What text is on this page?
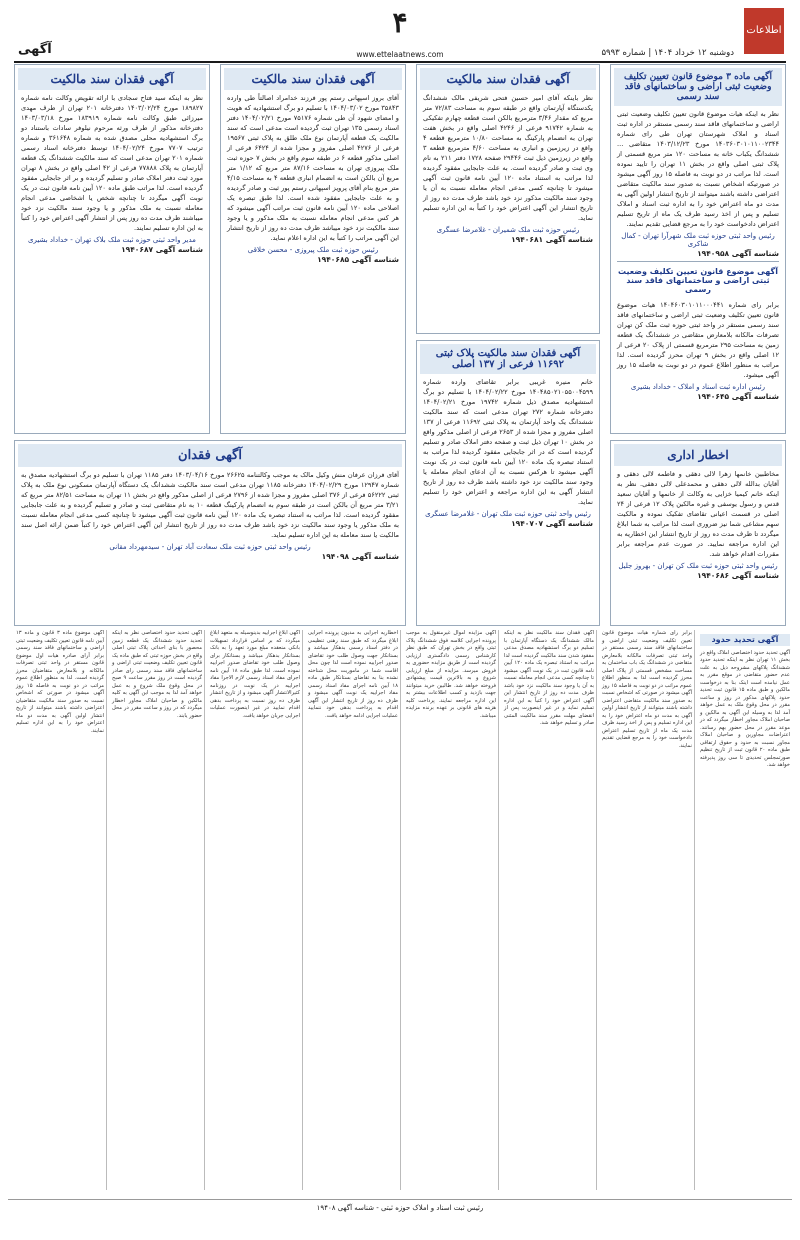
اطلاعات
دوشنبه ۱۲ خرداد ۱۴۰۴ | شماره ۵۹۹۳
۴
www.ettelaatnews.com
آگهی
آگهی ماده ۳ موضوع قانون تعیین تکلیف وضعیت ثبتی اراضی و ساختمانهای فاقد سند رسمی
نظر به اینکه هیات موضوع قانون تعیین تکلیف وضعیت ثبتی اراضی و ساختمانهای فاقد سند رسمی مستقر در اداره ثبت اسناد و املاک شهرستان تهران طی رای شماره ۱۴۰۳۶۰۳۰۱۰۱۱۰۰۲۳۴۴ مورخ ۱۴۰۳/۱۲/۲۳ متقاضی ... ششدانگ یکباب خانه به مساحت ۱۲۰ متر مربع قسمتی از پلاک ثبتی اصلی واقع در بخش ۱۱ تهران را تایید نموده است. لذا مراتب در دو نوبت به فاصله ۱۵ روز آگهی میشود در صورتیکه اشخاص نسبت به صدور سند مالکیت متقاضی اعتراضی داشته باشند میتوانند از تاریخ انتشار اولین آگهی به مدت دو ماه اعتراض خود را به اداره ثبت اسناد و املاک تسلیم و پس از اخذ رسید ظرف یک ماه از تاریخ تسلیم اعتراض دادخواست خود را به مرجع قضایی تقدیم نمایند.
رئیس واحد ثبتی حوزه ثبت ملک شهرآرا تهران - کمال شاکری
شناسه آگهی ۱۹۴۰۹۵۸
آگهی موضوع قانون تعیین تکلیف وضعیت ثبتی اراضی و ساختمانهای فاقد سند رسمی
برابر رای شماره ۱۴۰۴۶۰۳۰۱۰۱۱۰۰۰۴۴۱ هیات موضوع قانون تعیین تکلیف وضعیت ثبتی اراضی و ساختمانهای فاقد سند رسمی مستقر در واحد ثبتی حوزه ثبت ملک کن تهران تصرفات مالکانه بلامعارض متقاضی در ششدانگ یک قطعه زمین به مساحت ۲۹۵ مترمربع قسمتی از پلاک ۲۰ فرعی از ۱۲ اصلی واقع در بخش ۹ تهران محرز گردیده است. لذا مراتب به منظور اطلاع عموم در دو نوبت به فاصله ۱۵ روز آگهی میشود.
رئیس اداره ثبت اسناد و املاک - خداداد بشیری
شناسه آگهی ۱۹۴۰۶۴۵
آگهی فقدان سند مالکیت
نظر باینکه آقای امیر حسین فتحی شریفی مالک ششدانگ یکدستگاه آپارتمان واقع در طبقه سوم به مساحت ۷۲/۸۳ متر مربع که مقدار ۳/۴۶ مترمربع بالکن است قطعه چهارم تفکیکی به شماره ۹۱۷۴۲ فرعی از ۴۲۴۶ اصلی واقع در بخش هفت تهران به انضمام پارکینگ به مساحت ۱۰/۸۰ مترمربع قطعه ۴ واقع در زیرزمین و انباری به مساحت ۴/۶۰ مترمربع قطعه ۳ واقع در زیرزمین ذیل ثبت ۲۹۴۴۶ صفحه ۱۷۲۸ دفتر ۲۱۱ به نام وی ثبت و صادر گردیده است. به علت جابجایی مفقود گردیده لذا مراتب به استناد ماده ۱۲۰ آیین نامه قانون ثبت آگهی میشود تا چنانچه کسی مدعی انجام معامله نسبت به آن یا وجود سند مالکیت مذکور نزد خود باشد ظرف مدت ده روز از تاریخ انتشار این آگهی اعتراض خود را کتباً به این اداره تسلیم نماید.
رئیس حوزه ثبت ملک شمیران - غلامرضا عسگری
شناسه آگهی ۱۹۴۰۶۸۱
آگهی فقدان سند مالکیت
آقای بروز اسپهانی رستم پور فرزند خدامراد اصالتاً طی وارده ۳۵۸۴۳ مورخ ۱۴۰۴/۰۳/۰۲ با تسلیم دو برگ استشهادیه که هویت و امضای شهود آن طی شماره ۷۵۱۷۶ مورخ ۱۴۰۴/۰۲/۲۱ دفتر اسناد رسمی ۱۳۵ تهران ثبت گردیده است مدعی است که سند مالکیت یک قطعه آپارتمان نوع ملک طلق به پلاک ثبتی ۱۹۵۶۷ فرعی از ۴۲۷۶ اصلی مفروز و مجزا شده از ۶۴۲۴ فرعی از اصلی مذکور قطعه ۶ در طبقه سوم واقع در بخش ۷ حوزه ثبت ملک پیروزی تهران به مساحت ۸۷/۱۶ متر مربع که ۱/۱۲ متر مربع آن بالکن است به انضمام انباری قطعه ۴ به مساحت ۴/۱۵ متر مربع بنام آقای پرویز اسپهانی رستم پور ثبت و صادر گردیده و به علت جابجایی مفقود شده است. لذا طبق تبصره یک اصلاحی ماده ۱۲۰ آیین نامه قانون ثبت مراتب آگهی میشود که هر کس مدعی انجام معامله نسبت به ملک مذکور و یا وجود سند مالکیت نزد خود میباشد ظرف مدت ده روز از تاریخ انتشار این آگهی مراتب را کتباً به این اداره اعلام نماید.
رئیس حوزه ثبت ملک پیروزی - محسن خلاقی
شناسه آگهی ۱۹۴۰۶۸۵
آگهی فقدان سند مالکیت
نظر به اینکه سید فتاح سجادی با ارائه تقویض وکالت نامه شماره ۱۸۹۸۲۷ مورخ ۱۴۰۳/۰۲/۲۴ دفترخانه ۲۰۱ تهران از طرف مهدی میرزائی طبق وکالت نامه شماره ۱۸۳۹۱۹ مورخ ۱۴۰۳/۰۳/۱۸ دفترخانه مذکور از طرف ورثه مرحوم نیلوفر سادات باستناد دو برگ استشهادیه محلی مصدق شده به شماره ۳۶۱۶۴۸ و شماره ترتیب ۷۷۰۷ مورخ ۱۴۰۴/۰۲/۲۴ توسط دفترخانه اسناد رسمی شماره ۲۰۱ تهران مدعی است که سند مالکیت ششدانگ یک قطعه آپارتمان به پلاک ۷۷۸۸۸ فرعی از ۴۲ اصلی واقع در بخش ۸ تهران مورد ثبت دفتر املاک صادر و تسلیم گردیده و بر اثر جابجایی مفقود گردیده است. لذا مراتب طبق ماده ۱۲۰ آیین نامه قانون ثبت در یک نوبت آگهی میگردد تا چنانچه شخص یا اشخاصی مدعی انجام معامله نسبت به ملک مذکور و یا وجود سند مالکیت نزد خود میباشند ظرف مدت ده روز پس از انتشار آگهی اعتراض خود را کتباً به این اداره تسلیم نمایند.
مدیر واحد ثبتی حوزه ثبت ملک بلاک تهران - خداداد بشیری
شناسه آگهی ۱۹۴۰۶۸۷
اخطار اداری
مخاطبین خانمها زهرا لالی دهقی و فاطمه لالی دهقی و آقایان بدالله لالی دهقی و محمدعلی لالی دهقی. نظر به اینکه خانم کیمیا خزایی به وکالت از خانمها و آقایان سعید قدس و رسول یوسفی و غیره مالکین پلاک ۱۲ فرعی از ۲۴ اصلی در قسمت اعیانی تقاضای تفکیک نموده و مالکیت سهم مشاعی شما نیز ضروری است لذا مراتب به شما ابلاغ میگردد تا ظرف مدت ده روز از تاریخ انتشار این اخطاریه به این اداره مراجعه نمایید. در صورت عدم مراجعه برابر مقررات اقدام خواهد شد.
رئیس واحد ثبتی حوزه ثبت ملک کن تهران - بهروز جلیل
شناسه آگهی ۱۹۴۰۶۸۶
آگهی فقدان سند مالکیت پلاک ثبتی ۱۱۶۹۲ فرعی از ۱۳۷ اصلی
خانم منیره غریبی برابر تقاضای وارده شماره ۱۴۰۴۸۵۰۲۱۰۵۵۰۰۴۵۹۹ مورخ ۱۴۰۴/۰۲/۲۲ با تسلیم دو برگ استشهادیه مصدق ذیل شماره ۱۹۷۴۲ مورخ ۱۴۰۴/۰۲/۲۱ دفترخانه شماره ۲۷۲ تهران مدعی است که سند مالکیت ششدانگ یک واحد آپارتمان به پلاک ثبتی ۱۱۶۹۲ فرعی از ۱۳۷ اصلی مفروز و مجزا شده از ۲۶۵۳ فرعی از اصلی مذکور واقع در بخش ۱۰ تهران ذیل ثبت و صفحه دفتر املاک صادر و تسلیم گردیده است که در اثر جابجایی مفقود گردیده لذا مراتب به استناد تبصره یک ماده ۱۲۰ آیین نامه قانون ثبت در یک نوبت آگهی میشود تا هرکس نسبت به آن ادعای انجام معامله یا وجود سند مالکیت نزد خود داشته باشد ظرف ده روز از تاریخ انتشار آگهی به این اداره مراجعه و اعتراض خود را تسلیم نماید.
رئیس واحد ثبتی حوزه ثبت ملک تهران - غلامرضا عسگری
شناسه آگهی ۱۹۴۰۷۰۷
آگهی فقدان
آقای فرزان عرفان منش وکیل مالک به موجب وکالتنامه ۲۶۶۲۵ مورخ ۱۴۰۳/۰۴/۱۶ دفتر ۱۱۸۵ تهران با تسلیم دو برگ استشهادیه مصدق به شماره ۱۲۹۴۷ مورخ ۱۴۰۴/۰۲/۲۹ دفترخانه ۱۱۸۵ تهران مدعی است سند مالکیت ششدانگ یک دستگاه آپارتمان مسکونی نوع ملک به پلاک ثبتی ۵۶۲۲۲ فرعی از ۳۷۶ اصلی مفروز و مجزا شده از ۲۷۹۶ فرعی از اصلی مذکور واقع در بخش ۱۱ تهران به مساحت ۸۲/۵۱ متر مربع که ۳/۲۱ متر مربع آن بالکن است در طبقه سوم به انضمام پارکینگ قطعه ۱۰ به نام متقاضی ثبت و صادر و تسلیم گردیده و به علت جابجایی مفقود گردیده است. لذا مراتب به استناد تبصره یک ماده ۱۲۰ آیین نامه قانون ثبت آگهی میشود تا چنانچه کسی مدعی انجام معامله نسبت به ملک مذکور یا وجود سند مالکیت نزد خود باشد ظرف مدت ده روز از تاریخ انتشار این آگهی اعتراض خود را کتباً ضمن ارائه اصل سند مالکیت یا سند معامله به این اداره تسلیم نماید.
رئیس واحد ثبتی حوزه ثبت ملک سعادت آباد تهران - سیدمهرداد مقانی
شناسه آگهی ۱۹۴۰۹۸
آگهی تحدید حدود
آگهی تحدید حدود اختصاصی املاک واقع در بخش ۱۱ تهران نظر به اینکه تحدید حدود ششدانگ پلاکهای مشروحه ذیل به علت عدم حضور متقاضی در موقع مقرر به عمل نیامده است اینک بنا به درخواست مالکین و طبق ماده ۱۵ قانون ثبت تحدید حدود پلاکهای مذکور در روز و ساعت مقرر در محل وقوع ملک به عمل خواهد آمد لذا به وسیله این آگهی به مالکین و صاحبان املاک مجاور اخطار میگردد که در موعد مقرر در محل حضور بهم رسانند. اعتراضات مجاورین و صاحبان املاک مجاور نسبت به حدود و حقوق ارتفاقی طبق ماده ۲۰ قانون ثبت از تاریخ تنظیم صورتمجلس تحدیدی تا سی روز پذیرفته خواهد شد.
برابر رای شماره هیات موضوع قانون تعیین تکلیف وضعیت ثبتی اراضی و ساختمانهای فاقد سند رسمی مستقر در واحد ثبتی تصرفات مالکانه بلامعارض متقاضی در ششدانگ یک باب ساختمان به مساحت مشخص قسمتی از پلاک اصلی محرز گردیده است لذا به منظور اطلاع عموم مراتب در دو نوبت به فاصله ۱۵ روز آگهی میشود در صورتی که اشخاص نسبت به صدور سند مالکیت متقاضی اعتراضی داشته باشند میتوانند از تاریخ انتشار اولین آگهی به مدت دو ماه اعتراض خود را به این اداره تسلیم و پس از اخذ رسید ظرف مدت یک ماه از تاریخ تسلیم اعتراض دادخواست خود را به مرجع قضایی تقدیم نمایند.
آگهی فقدان سند مالکیت نظر به اینکه مالک ششدانگ یک دستگاه آپارتمان با تسلیم دو برگ استشهادیه مصدق مدعی مفقود شدن سند مالکیت گردیده است لذا مراتب به استناد تبصره یک ماده ۱۲۰ آیین نامه قانون ثبت در یک نوبت آگهی میشود تا چنانچه کسی مدعی انجام معامله نسبت به آن یا وجود سند مالکیت نزد خود باشد ظرف مدت ده روز از تاریخ انتشار این آگهی اعتراض خود را کتباً به این اداره تسلیم نماید و در غیر اینصورت پس از انقضای مهلت مقرر سند مالکیت المثنی صادر و تسلیم خواهد شد.
آگهی مزایده اموال غیرمنقول به موجب پرونده اجرایی کلاسه فوق ششدانگ پلاک ثبتی واقع در بخش تهران که طبق نظر کارشناس رسمی دادگستری ارزیابی گردیده است از طریق مزایده حضوری به فروش میرسد. مزایده از مبلغ ارزیابی شروع و به بالاترین قیمت پیشنهادی فروخته خواهد شد. طالبین خرید میتوانند جهت بازدید و کسب اطلاعات بیشتر به این اداره مراجعه نمایند. پرداخت کلیه هزینه های قانونی بر عهده برنده مزایده میباشد.
اخطاریه اجرایی به مدیون پرونده اجرایی ابلاغ میگردد که طبق سند رهنی تنظیمی در دفتر اسناد رسمی بدهکار میباشد و بستانکار جهت وصول طلب خود تقاضای صدور اجراییه نموده است لذا چون محل اقامت شما در ماموریت محل شناخته نشده بنا به تقاضای بستانکار طبق ماده ۱۸ آیین نامه اجرای مفاد اسناد رسمی مفاد اجراییه یک نوبت آگهی میشود و ظرف ده روز از تاریخ انتشار این آگهی اقدام به پرداخت بدهی خود ننمایید عملیات اجرایی ادامه خواهد یافت.
آگهی ابلاغ اجراییه بدینوسیله به متعهد ابلاغ میگردد که بر اساس قرارداد تسهیلات بانکی منعقده مبلغ مورد تعهد را به بانک بستانکار بدهکار میباشد و بستانکار برای وصول طلب خود تقاضای صدور اجراییه نموده است. لذا طبق ماده ۱۸ آیین نامه اجرای مفاد اسناد رسمی لازم الاجرا مفاد اجراییه در یک نوبت در روزنامه کثیرالانتشار آگهی میشود و از تاریخ انتشار ظرف ده روز نسبت به پرداخت بدهی اقدام نمایید در غیر اینصورت عملیات اجرایی جریان خواهد یافت.
آگهی تحدید حدود اختصاصی نظر به اینکه تحدید حدود ششدانگ یک قطعه زمین محصور با بنای احداثی پلاک ثبتی اصلی واقع در بخش حوزه ثبتی که طبق ماده یک قانون تعیین تکلیف وضعیت ثبتی اراضی و ساختمانهای فاقد سند رسمی رای صادر گردیده است در روز مقرر ساعت ۹ صبح در محل وقوع ملک شروع و به عمل خواهد آمد لذا به موجب این آگهی به کلیه مالکین و صاحبان املاک مجاور اخطار میگردد که در روز و ساعت مقرر در محل حضور یابند.
آگهی موضوع ماده ۳ قانون و ماده ۱۳ آیین نامه قانون تعیین تکلیف وضعیت ثبتی اراضی و ساختمانهای فاقد سند رسمی برابر آرای صادره هیات اول موضوع قانون مستقر در واحد ثبتی تصرفات مالکانه و بلامعارض متقاضیان محرز گردیده است. لذا به منظور اطلاع عموم مراتب در دو نوبت به فاصله ۱۵ روز آگهی میشود در صورتی که اشخاص نسبت به صدور سند مالکیت متقاضیان اعتراضی داشته باشند میتوانند از تاریخ انتشار اولین آگهی به مدت دو ماه اعتراض خود را به این اداره تسلیم نمایند.
رئیس ثبت اسناد و املاک حوزه ثبتی - شناسه آگهی ۱۹۴۰۸
